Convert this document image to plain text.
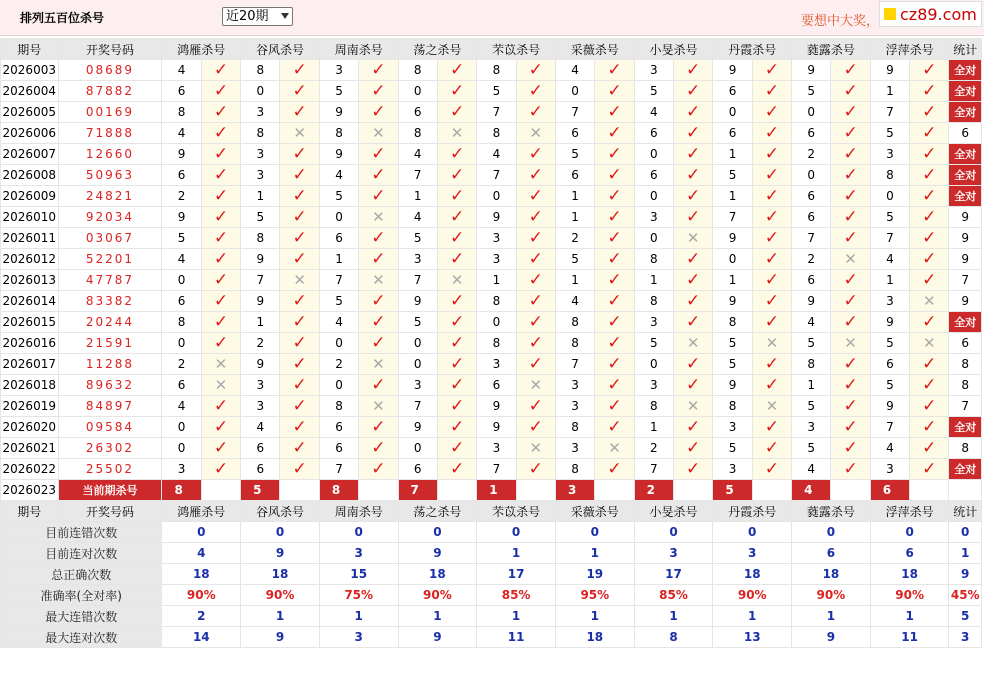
排列五百位杀号	近20期	要想中大奖， cz89.com
期号	开奖号码	鸿雁杀号		谷风杀号		周南杀号		荡之杀号		芣苡杀号		采薇杀号		小旻杀号		丹霞杀号		蕤露杀号		浮萍杀号		统计
2026003	08689	4	✓	8	✓	3	✓	8	✓	8	✓	4	✓	3	✓	9	✓	9	✓	9	✓	全对
2026004	87882	6	✓	0	✓	5	✓	0	✓	5	✓	0	✓	5	✓	6	✓	5	✓	1	✓	全对
2026005	00169	8	✓	3	✓	9	✓	6	✓	7	✓	7	✓	4	✓	0	✓	0	✓	7	✓	全对
2026006	71888	4	✓	8	✕	8	✕	8	✕	8	✕	6	✓	6	✓	6	✓	6	✓	5	✓	6
2026007	12660	9	✓	3	✓	9	✓	4	✓	4	✓	5	✓	0	✓	1	✓	2	✓	3	✓	全对
2026008	50963	6	✓	3	✓	4	✓	7	✓	7	✓	6	✓	6	✓	5	✓	0	✓	8	✓	全对
2026009	24821	2	✓	1	✓	5	✓	1	✓	0	✓	1	✓	0	✓	1	✓	6	✓	0	✓	全对
2026010	92034	9	✓	5	✓	0	✕	4	✓	9	✓	1	✓	3	✓	7	✓	6	✓	5	✓	9
2026011	03067	5	✓	8	✓	6	✓	5	✓	3	✓	2	✓	0	✕	9	✓	7	✓	7	✓	9
2026012	52201	4	✓	9	✓	1	✓	3	✓	3	✓	5	✓	8	✓	0	✓	2	✕	4	✓	9
2026013	47787	0	✓	7	✕	7	✕	7	✕	1	✓	1	✓	1	✓	1	✓	6	✓	1	✓	7
2026014	83382	6	✓	9	✓	5	✓	9	✓	8	✓	4	✓	8	✓	9	✓	9	✓	3	✕	9
2026015	20244	8	✓	1	✓	4	✓	5	✓	0	✓	8	✓	3	✓	8	✓	4	✓	9	✓	全对
2026016	21591	0	✓	2	✓	0	✓	0	✓	8	✓	8	✓	5	✕	5	✕	5	✕	5	✕	6
2026017	11288	2	✕	9	✓	2	✕	0	✓	3	✓	7	✓	0	✓	5	✓	8	✓	6	✓	8
2026018	89632	6	✕	3	✓	0	✓	3	✓	6	✕	3	✓	3	✓	9	✓	1	✓	5	✓	8
2026019	84897	4	✓	3	✓	8	✕	7	✓	9	✓	3	✓	8	✕	8	✕	5	✓	9	✓	7
2026020	09584	0	✓	4	✓	6	✓	9	✓	9	✓	8	✓	1	✓	3	✓	3	✓	7	✓	全对
2026021	26302	0	✓	6	✓	6	✓	0	✓	3	✕	3	✕	2	✓	5	✓	5	✓	4	✓	8
2026022	25502	3	✓	6	✓	7	✓	6	✓	7	✓	8	✓	7	✓	3	✓	4	✓	3	✓	全对
2026023	当前期杀号	8		5		8		7		1		3		2		5		4		6		
期号	开奖号码	鸿雁杀号		谷风杀号		周南杀号		荡之杀号		芣苡杀号		采薇杀号		小旻杀号		丹霞杀号		蕤露杀号		浮萍杀号		统计
目前连错次数		0		0		0		0		0		0		0		0		0		0		0
目前连对次数		4		9		3		9		1		1		3		3		6		6		1
总正确次数		18		18		15		18		17		19		17		18		18		18		9
准确率(全对率)		90%		90%		75%		90%		85%		95%		85%		90%		90%		90%		45%
最大连错次数		2		1		1		1		1		1		1		1		1		1		5
最大连对次数		14		9		3		9		11		18		8		13		9		11		3
